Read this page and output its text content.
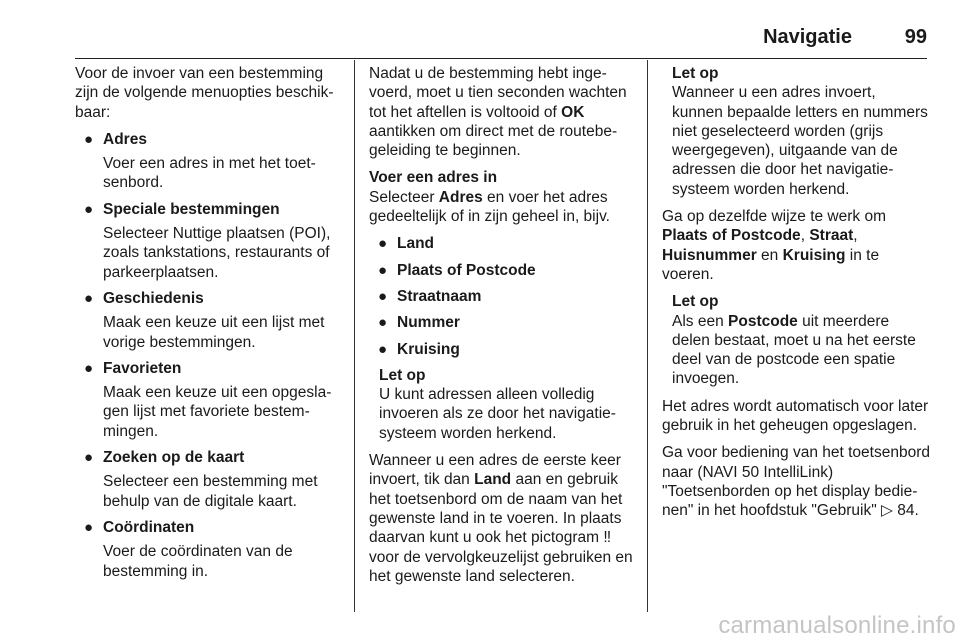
Navigatie	99

Voor de invoer van een bestemming zijn de volgende menuopties beschikbaar:

● Adres
Voer een adres in met het toetsenbord.
● Speciale bestemmingen
Selecteer Nuttige plaatsen (POI), zoals tankstations, restaurants of parkeerplaatsen.
● Geschiedenis
Maak een keuze uit een lijst met vorige bestemmingen.
● Favorieten
Maak een keuze uit een opgeslagen lijst met favoriete bestemmingen.
● Zoeken op de kaart
Selecteer een bestemming met behulp van de digitale kaart.
● Coördinaten
Voer de coördinaten van de bestemming in.

Nadat u de bestemming hebt ingevoerd, moet u tien seconden wachten tot het aftellen is voltooid of OK aantikken om direct met de routebegeleiding te beginnen.

Voer een adres in

Selecteer Adres en voer het adres gedeeltelijk of in zijn geheel in, bijv.

● Land
● Plaats of Postcode
● Straatnaam
● Nummer
● Kruising
Let op
U kunt adressen alleen volledig invoeren als ze door het navigatiesysteem worden herkend.

Wanneer u een adres de eerste keer invoert, tik dan Land aan en gebruik het toetsenbord om de naam van het gewenste land in te voeren. In plaats daarvan kunt u ook het pictogram ‼ voor de vervolgkeuzelijst gebruiken en het gewenste land selecteren.

Let op
Wanneer u een adres invoert, kunnen bepaalde letters en nummers niet geselecteerd worden (grijs weergegeven), uitgaande van de adressen die door het navigatiesysteem worden herkend.

Ga op dezelfde wijze te werk om Plaats of Postcode, Straat,
Huisnummer en Kruising in te voeren.

Let op
Als een Postcode uit meerdere delen bestaat, moet u na het eerste deel van de postcode een spatie invoegen.

Het adres wordt automatisch voor later gebruik in het geheugen opgeslagen.

Ga voor bediening van het toetsenbord naar (NAVI 50 IntelliLink) "Toetsenborden op het display bedienen" in het hoofdstuk "Gebruik" ▷ 84.

carmanualsonline.info
